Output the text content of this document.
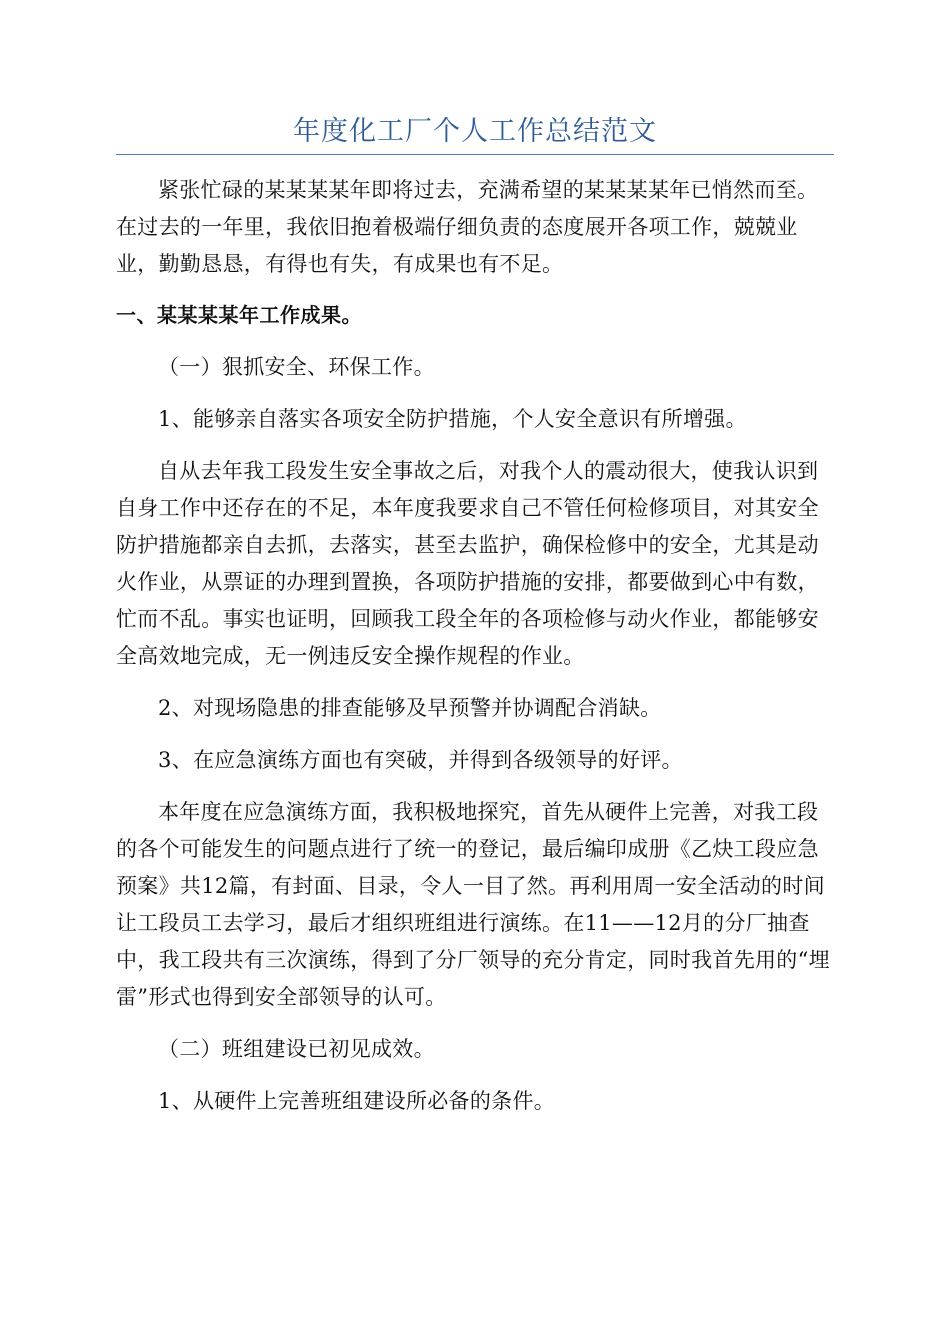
年度化工厂个人工作总结范文

紧张忙碌的某某某某年即将过去，充满希望的某某某某年已悄然而至。在过去的一年里，我依旧抱着极端仔细负责的态度展开各项工作，兢兢业业，勤勤恳恳，有得也有失，有成果也有不足。

一、某某某某年工作成果。

（一）狠抓安全、环保工作。

1、能够亲自落实各项安全防护措施，个人安全意识有所增强。

自从去年我工段发生安全事故之后，对我个人的震动很大，使我认识到自身工作中还存在的不足，本年度我要求自己不管任何检修项目，对其安全防护措施都亲自去抓，去落实，甚至去监护，确保检修中的安全，尤其是动火作业，从票证的办理到置换，各项防护措施的安排，都要做到心中有数，忙而不乱。事实也证明，回顾我工段全年的各项检修与动火作业，都能够安全高效地完成，无一例违反安全操作规程的作业。

2、对现场隐患的排查能够及早预警并协调配合消缺。

3、在应急演练方面也有突破，并得到各级领导的好评。

本年度在应急演练方面，我积极地探究，首先从硬件上完善，对我工段的各个可能发生的问题点进行了统一的登记，最后编印成册《乙炔工段应急预案》共12篇，有封面、目录，令人一目了然。再利用周一安全活动的时间让工段员工去学习，最后才组织班组进行演练。在11——12月的分厂抽查中，我工段共有三次演练，得到了分厂领导的充分肯定，同时我首先用的“埋雷”形式也得到安全部领导的认可。

（二）班组建设已初见成效。

1、从硬件上完善班组建设所必备的条件。
